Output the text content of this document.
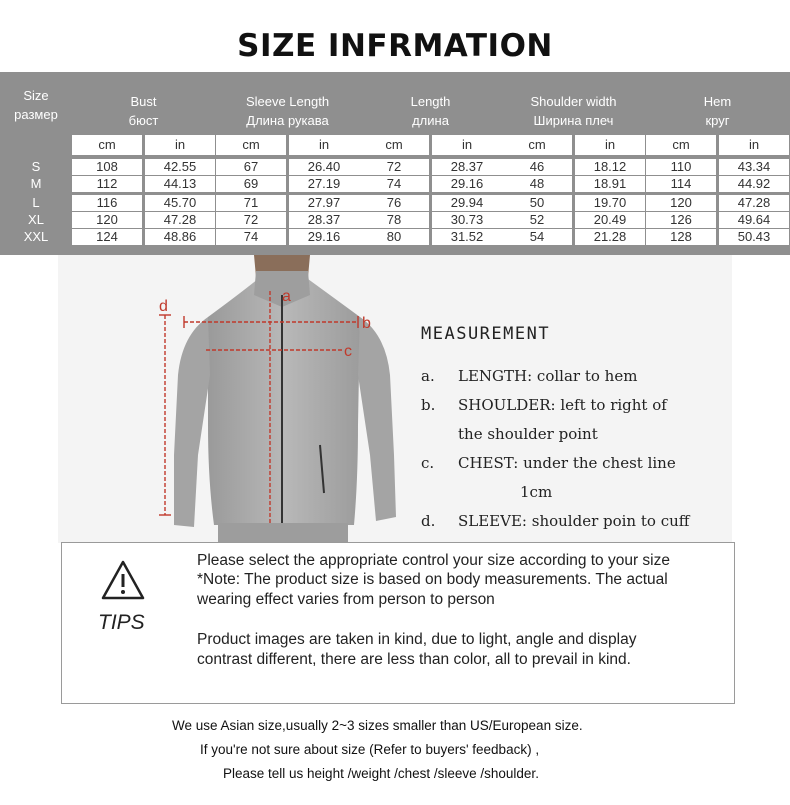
SIZE INFRMATION
Size
размер
Bust
бюст
cm	in
Sleeve Length
Длина рукава
cm	in
Length
длина
cm	in
Shoulder width
Ширина плеч
cm	in
Hem
круг
cm	in
S	108	42.55	67	26.40	72	28.37	46	18.12	110	43.34
M	112	44.13	69	27.19	74	29.16	48	18.91	114	44.92
L	116	45.70	71	27.97	76	29.94	50	19.70	120	47.28
XL	120	47.28	72	28.37	78	30.73	52	20.49	126	49.64
XXL	124	48.86	74	29.16	80	31.52	54	21.28	128	50.43
a
b
c
d
MEASUREMENT
a. LENGTH: collar to hem
b. SHOULDER: left to right of
the shoulder point
c. CHEST: under the chest line
1cm
d. SLEEVE: shoulder poin to cuff
TIPS
Please select the appropriate control your size according to your size
*Note: The product size is based on body measurements. The actual
wearing effect varies from person to person
Product images are taken in kind, due to light, angle and display
contrast different, there are less than color, all to prevail in kind.
We use Asian size,usually 2~3 sizes smaller than US/European size.
If you're not sure about size (Refer to buyers' feedback) ,
Please tell us height /weight /chest /sleeve /shoulder.
